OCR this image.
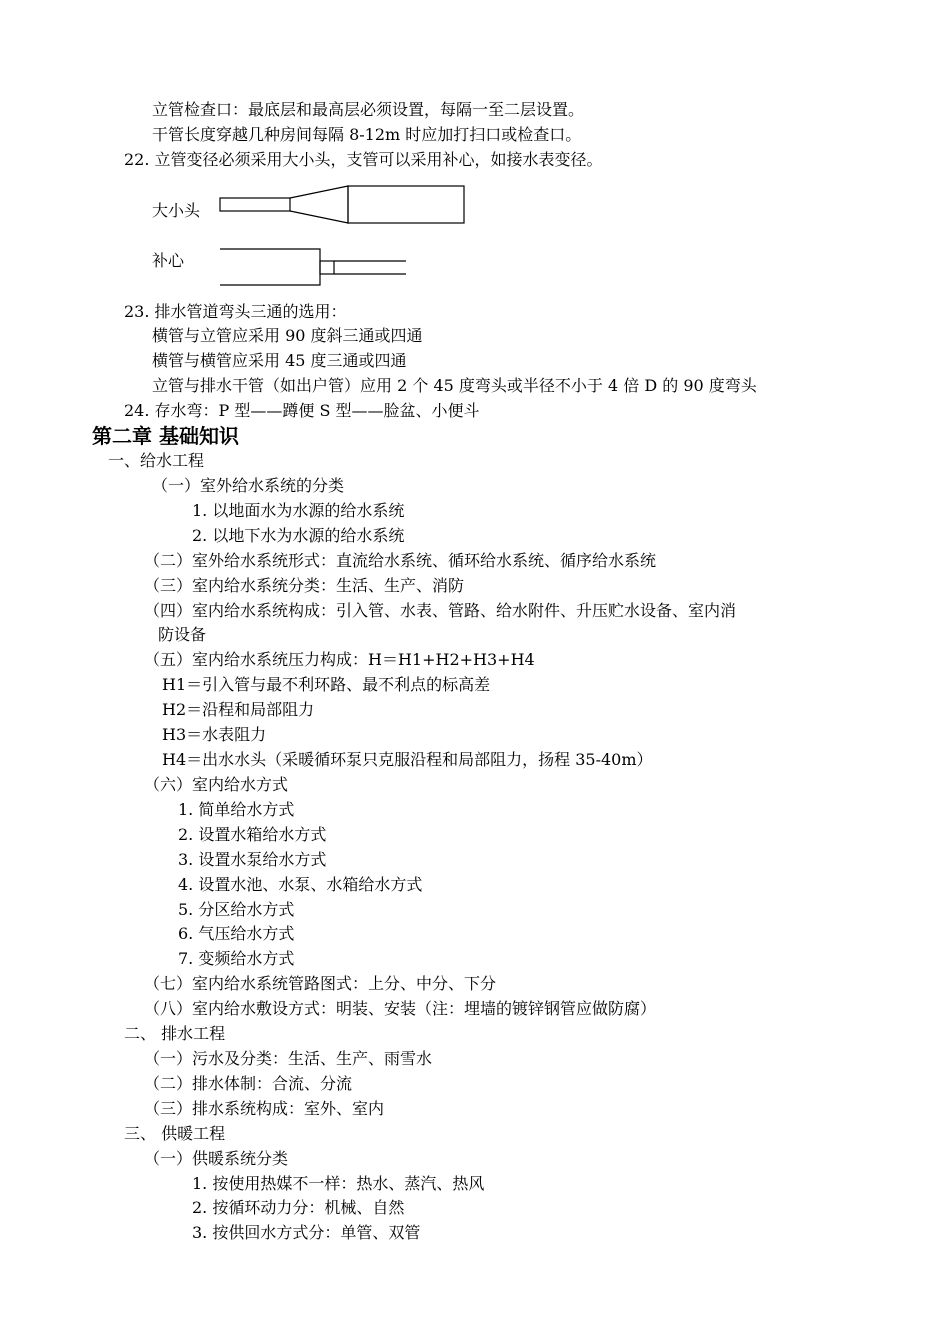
立管检查口：最底层和最高层必须设置，每隔一至二层设置。
干管长度穿越几种房间每隔 8-12m 时应加打扫口或检查口。
22. 立管变径必须采用大小头，支管可以采用补心，如接水表变径。
大小头
补心
23. 排水管道弯头三通的选用：
横管与立管应采用 90 度斜三通或四通
横管与横管应采用 45 度三通或四通
立管与排水干管（如出户管）应用 2 个 45 度弯头或半径不小于 4 倍 D 的 90 度弯头
24. 存水弯：P 型——蹲便 S 型——脸盆、小便斗
第二章 基础知识
一、给水工程
（一）室外给水系统的分类
1. 以地面水为水源的给水系统
2. 以地下水为水源的给水系统
（二）室外给水系统形式：直流给水系统、循环给水系统、循序给水系统
（三）室内给水系统分类：生活、生产、消防
（四）室内给水系统构成：引入管、水表、管路、给水附件、升压贮水设备、室内消
防设备
（五）室内给水系统压力构成：H＝H1+H2+H3+H4
H1＝引入管与最不利环路、最不利点的标高差
H2＝沿程和局部阻力
H3＝水表阻力
H4＝出水水头（采暖循环泵只克服沿程和局部阻力，扬程 35-40m）
（六）室内给水方式
1. 简单给水方式
2. 设置水箱给水方式
3. 设置水泵给水方式
4. 设置水池、水泵、水箱给水方式
5. 分区给水方式
6. 气压给水方式
7. 变频给水方式
（七）室内给水系统管路图式：上分、中分、下分
（八）室内给水敷设方式：明装、安装（注：埋墙的镀锌钢管应做防腐）
二、 排水工程
（一）污水及分类：生活、生产、雨雪水
（二）排水体制：合流、分流
（三）排水系统构成：室外、室内
三、 供暖工程
（一）供暖系统分类
1. 按使用热媒不一样：热水、蒸汽、热风
2. 按循环动力分：机械、自然
3. 按供回水方式分：单管、双管
